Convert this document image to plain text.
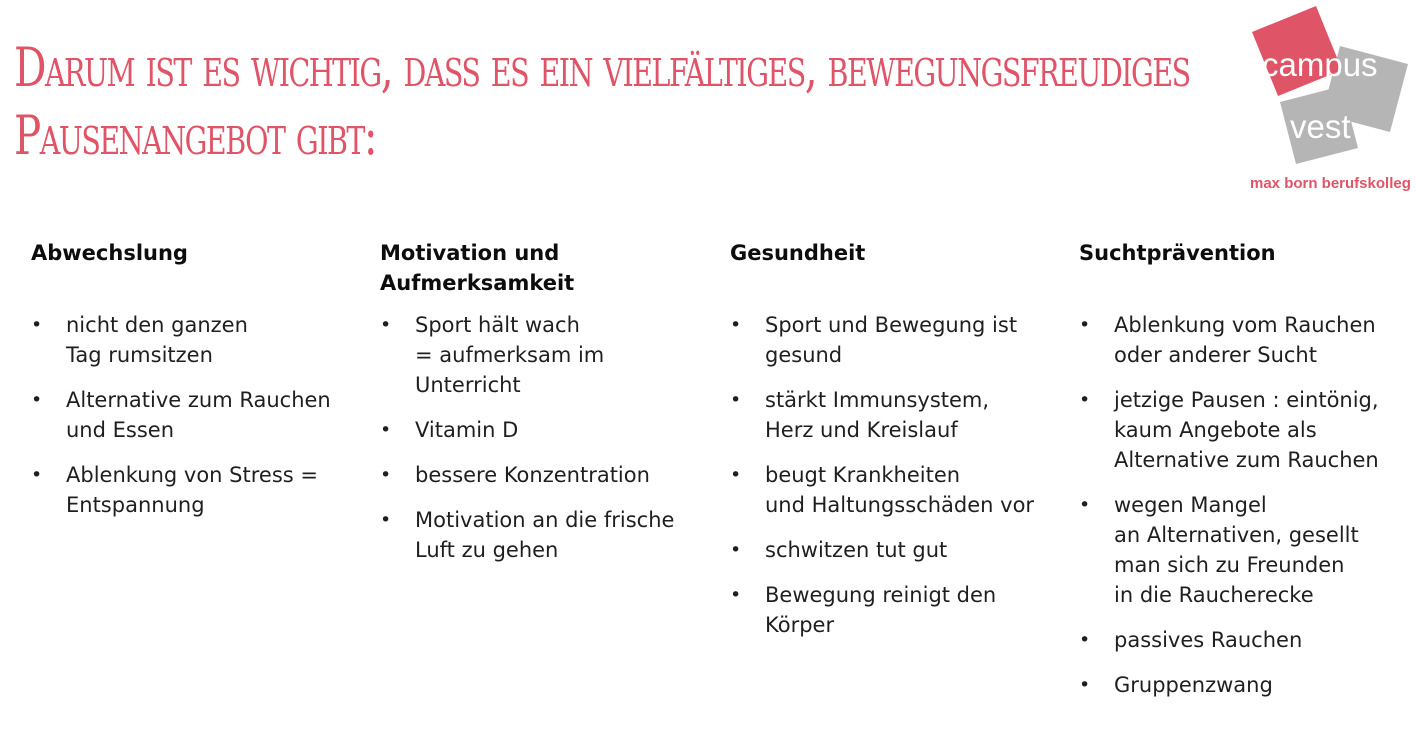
Darum ist es wichtig, dass es ein vielfältiges, bewegungsfreudiges
Pausenangebot gibt:
campus
vest
max born berufskolleg
Abwechslung
• nicht den ganzen
Tag rumsitzen
• Alternative zum Rauchen
und Essen
• Ablenkung von Stress =
Entspannung
Motivation und
Aufmerksamkeit
• Sport hält wach
= aufmerksam im
Unterricht
• Vitamin D
• bessere Konzentration
• Motivation an die frische
Luft zu gehen
Gesundheit
• Sport und Bewegung ist
gesund
• stärkt Immunsystem,
Herz und Kreislauf
• beugt Krankheiten
und Haltungsschäden vor
• schwitzen tut gut
• Bewegung reinigt den
Körper
Suchtprävention
• Ablenkung vom Rauchen
oder anderer Sucht
• jetzige Pausen : eintönig,
kaum Angebote als
Alternative zum Rauchen
• wegen Mangel
an Alternativen, gesellt
man sich zu Freunden
in die Raucherecke
• passives Rauchen
• Gruppenzwang
